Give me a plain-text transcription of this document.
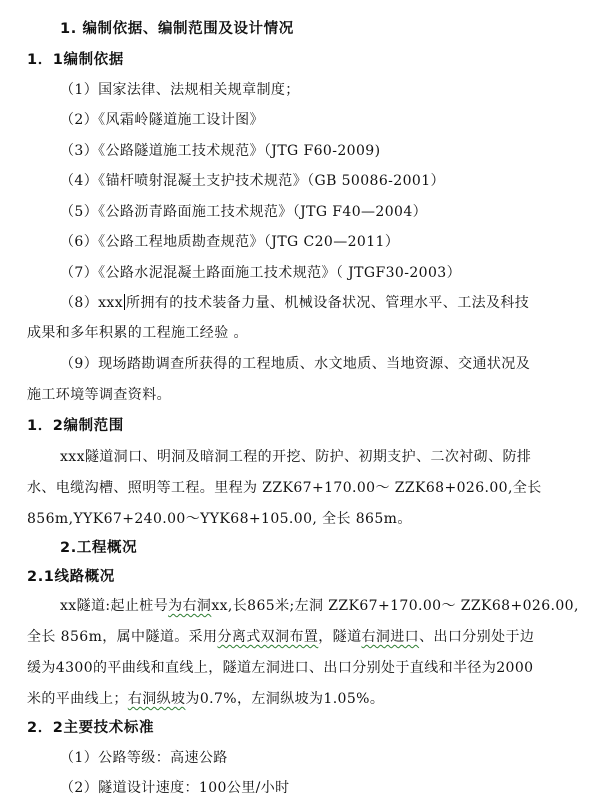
1. 编制依据、编制范围及设计情况
1．1编制依据
（1）国家法律、法规相关规章制度；
（2）《风霜岭隧道施工设计图》
（3）《公路隧道施工技术规范》（JTG F60-2009)
（4）《锚杆喷射混凝土支护技术规范》（GB 50086-2001）
（5）《公路沥青路面施工技术规范》（JTG F40—2004）
（6）《公路工程地质勘查规范》（JTG C20—2011）
（7）《公路水泥混凝土路面施工技术规范》（ JTGF30-2003）
（8）xxx 所拥有的技术装备力量、机械设备状况、管理水平、工法及科技
成果和多年积累的工程施工经验 。
（9）现场踏勘调查所获得的工程地质、水文地质、当地资源、交通状况及
施工环境等调查资料。
1．2编制范围
xxx隧道洞口、明洞及暗洞工程的开挖、防护、初期支护、二次衬砌、防排
水、电缆沟槽、照明等工程。里程为 ZZK67+170.00～ ZZK68+026.00,全长
856m,YYK67+240.00～YYK68+105.00, 全长 865m。
2.工程概况
2.1线路概况
xx隧道:起止桩号为右洞xx,长865米;左洞 ZZK67+170.00～ ZZK68+026.00,
全长 856m，属中隧道。采用分离式双洞布置，隧道右洞进口、出口分别处于边
缓为4300的平曲线和直线上，隧道左洞进口、出口分别处于直线和半径为2000
米的平曲线上；右洞纵坡为0.7%，左洞纵坡为1.05%。
2．2主要技术标准
（1）公路等级：高速公路
（2）隧道设计速度：100公里/小时
